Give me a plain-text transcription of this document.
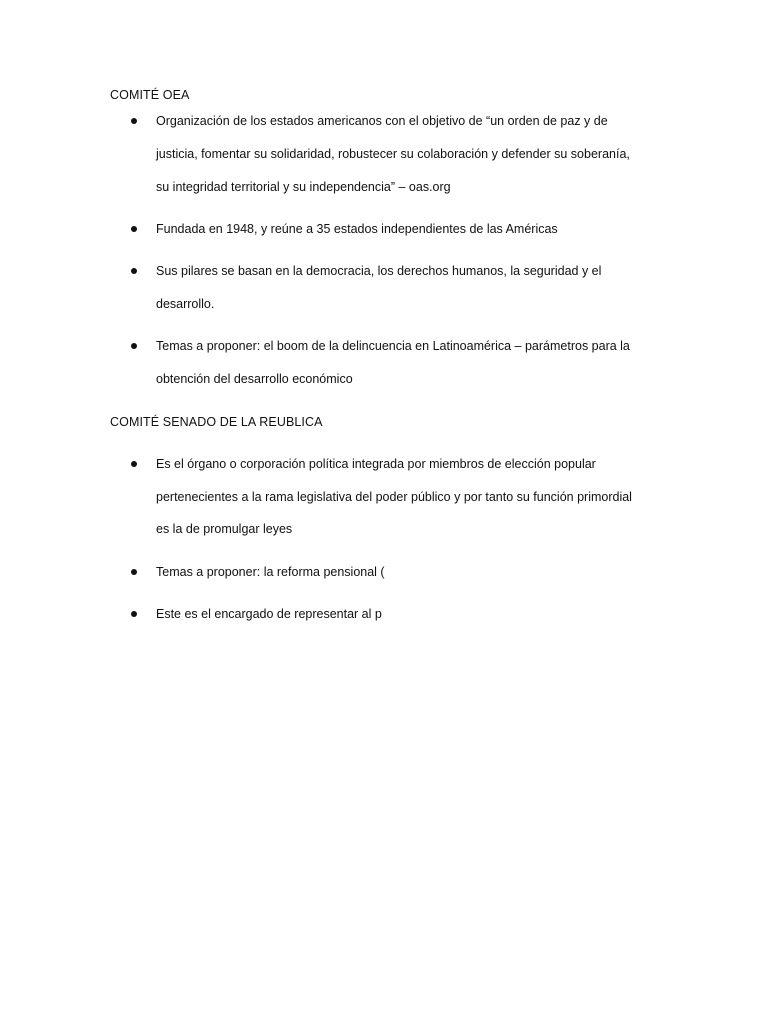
COMITÉ OEA
Organización de los estados americanos con el objetivo de “un orden de paz y de
justicia, fomentar su solidaridad, robustecer su colaboración y defender su soberanía,
su integridad territorial y su independencia” – oas.org
Fundada en 1948, y reúne a 35 estados independientes de las Américas
Sus pilares se basan en la democracia, los derechos humanos, la seguridad y el
desarrollo.
Temas a proponer: el boom de la delincuencia en Latinoamérica – parámetros para la
obtención del desarrollo económico
COMITÉ SENADO DE LA REUBLICA
Es el órgano o corporación política integrada por miembros de elección popular
pertenecientes a la rama legislativa del poder público y por tanto su función primordial
es la de promulgar leyes
Temas a proponer: la reforma pensional (
Este es el encargado de representar al p
